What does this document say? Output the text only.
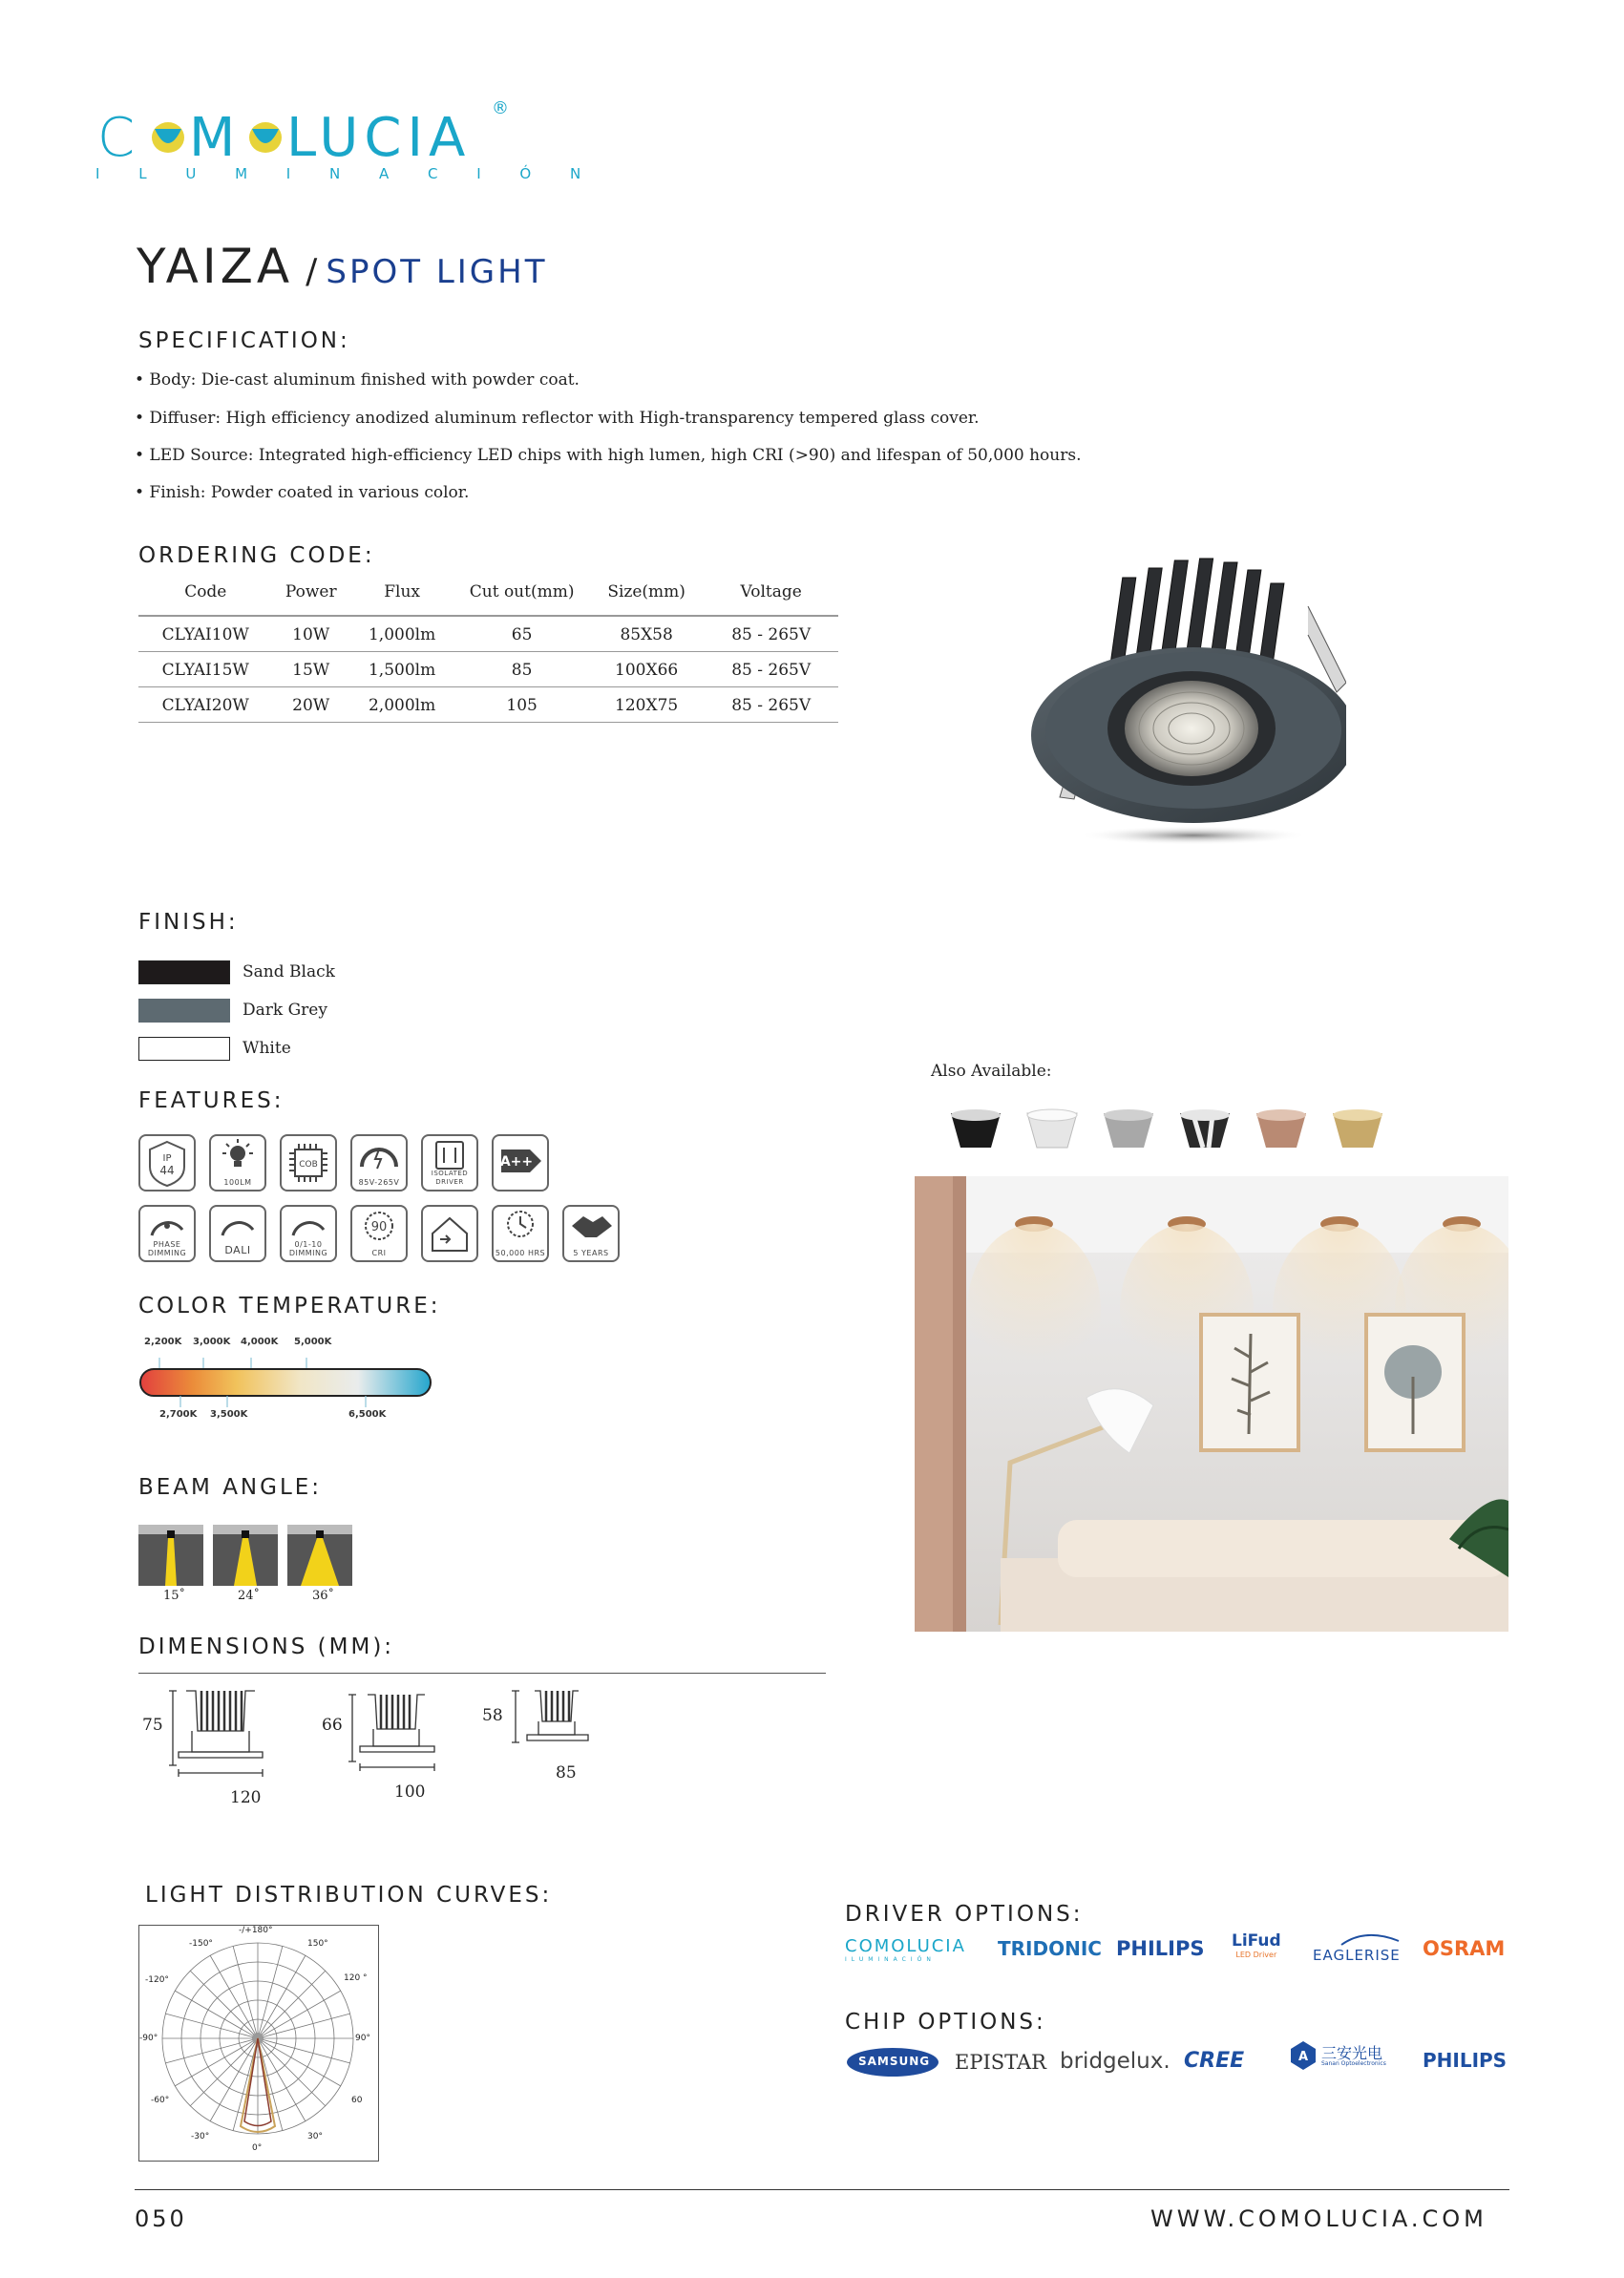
C M LUCIA ®
I L U M I N A C I Ó N
YAIZA / SPOT LIGHT
SPECIFICATION:
• Body: Die-cast aluminum finished with powder coat.
• Diffuser: High efficiency anodized aluminum reflector with High-transparency tempered glass cover.
• LED Source: Integrated high-efficiency LED chips with high lumen, high CRI (>90) and lifespan of 50,000 hours.
• Finish: Powder coated in various color.
ORDERING CODE:
Code	Power	Flux	Cut out(mm)	Size(mm)	Voltage
CLYAI10W	10W	1,000lm	65	85X58	85 - 265V
CLYAI15W	15W	1,500lm	85	100X66	85 - 265V
CLYAI20W	20W	2,000lm	105	120X75	85 - 265V
FINISH:
Sand Black
Dark Grey
White
Also Available:
FEATURES:
IP
44
100LM
COB
85V-265V
ISOLATED DRIVER
A++
PHASE DIMMING	DALI	0/1-10 DIMMING
90
CRI	50,000 HRS	5 YEARS
COLOR TEMPERATURE:
2,200K 3,000K 4,000K 5,000K
2,700K 3,500K	6,500K
BEAM ANGLE:
15˚	24˚	36˚
DIMENSIONS (MM):
75
120
66
100
58
85
LIGHT DISTRIBUTION CURVES:
-/+180°
-150°	150°
-120°	120 °
-90°	90°
-60°	60
-30°	30°
0°
DRIVER OPTIONS:
COMOLUCIA
ILUMINACIÓN	TRIDONIC PHILIPS LiFud
LED Driver	EAGLERISE	OSRAM
CHIP OPTIONS:
SAMSUNG EPISTAR bridgelux. CREE	A 三安光电
Sanan Optoelectronics PHILIPS
050	WWW.COMOLUCIA.COM
